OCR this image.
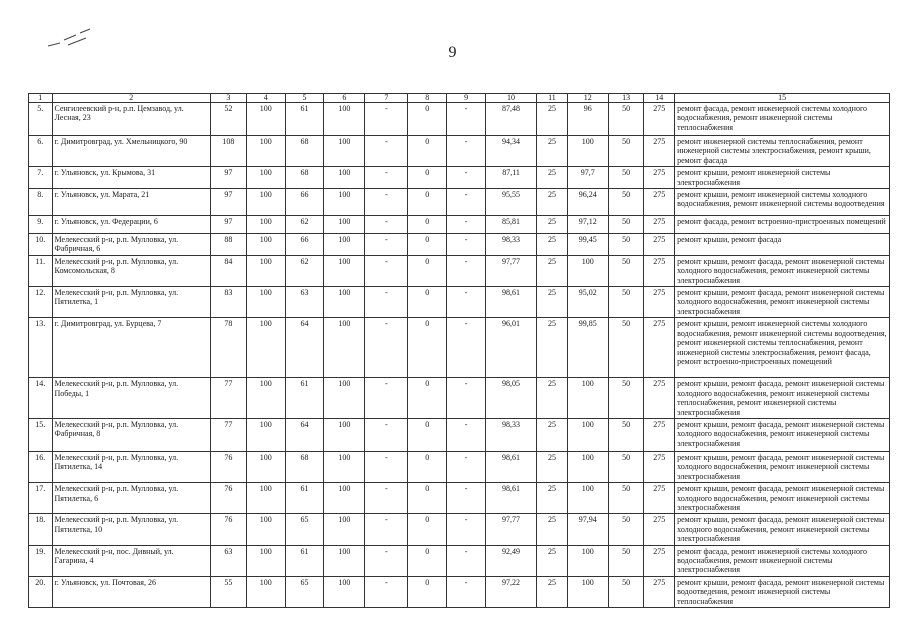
9
1	2	3	4	5	6	7	8	9	10	11	12	13	14	15
5.	Сенгилеевский р-н, р.п. Цемзавод, ул. Лесная, 23	52	100	61	100	-	0	-	87,48	25	96	50	275	ремонт фасада, ремонт инженерной системы холодного водоснабжения, ремонт инженерной системы теплоснабжения
6.	г. Димитровград, ул. Хмельницкого, 90	108	100	68	100	-	0	-	94,34	25	100	50	275	ремонт инженерной системы теплоснабжения, ремонт инженерной системы электроснабжения, ремонт крыши, ремонт фасада
7.	г. Ульяновск, ул. Крымова, 31	97	100	68	100	-	0	-	87,11	25	97,7	50	275	ремонт крыши, ремонт инженерной системы электроснабжения
8.	г. Ульяновск, ул. Марата, 21	97	100	66	100	-	0	-	95,55	25	96,24	50	275	ремонт крыши, ремонт инженерной системы холодного водоснабжения, ремонт инженерной системы водоотведения
9.	г. Ульяновск, ул. Федерации, 6	97	100	62	100	-	0	-	85,81	25	97,12	50	275	ремонт фасада, ремонт встроенно-пристроенных помещений
10.	Мелекесский р-н, р.п. Мулловка, ул. Фабричная, 6	88	100	66	100	-	0	-	98,33	25	99,45	50	275	ремонт крыши, ремонт фасада
11.	Мелекесский р-н, р.п. Мулловка, ул. Комсомольская, 8	84	100	62	100	-	0	-	97,77	25	100	50	275	ремонт крыши, ремонт фасада, ремонт инженерной системы холодного водоснабжения, ремонт инженерной системы электроснабжения
12.	Мелекесский р-н, р.п. Мулловка, ул. Пятилетка, 1	83	100	63	100	-	0	-	98,61	25	95,02	50	275	ремонт крыши, ремонт фасада, ремонт инженерной системы холодного водоснабжения, ремонт инженерной системы электроснабжения
13.	г. Димитровград, ул. Бурцева, 7	78	100	64	100	-	0	-	96,01	25	99,85	50	275	ремонт крыши, ремонт инженерной системы холодного водоснабжения, ремонт инженерной системы водоотведения, ремонт инженерной системы теплоснабжения, ремонт инженерной системы электроснабжения, ремонт фасада, ремонт встроенно-пристроенных помещений
14.	Мелекесский р-н, р.п. Мулловка, ул. Победы, 1	77	100	61	100	-	0	-	98,05	25	100	50	275	ремонт крыши, ремонт фасада, ремонт инженерной системы холодного водоснабжения, ремонт инженерной системы теплоснабжения, ремонт инженерной системы электроснабжения
15.	Мелекесский р-н, р.п. Мулловка, ул. Фабричная, 8	77	100	64	100	-	0	-	98,33	25	100	50	275	ремонт крыши, ремонт фасада, ремонт инженерной системы холодного водоснабжения, ремонт инженерной системы электроснабжения
16.	Мелекесский р-н, р.п. Мулловка, ул. Пятилетка, 14	76	100	68	100	-	0	-	98,61	25	100	50	275	ремонт крыши, ремонт фасада, ремонт инженерной системы холодного водоснабжения, ремонт инженерной системы электроснабжения
17.	Мелекесский р-н, р.п. Мулловка, ул. Пятилетка, 6	76	100	61	100	-	0	-	98,61	25	100	50	275	ремонт крыши, ремонт фасада, ремонт инженерной системы холодного водоснабжения, ремонт инженерной системы электроснабжения
18.	Мелекесский р-н, р.п. Мулловка, ул. Пятилетка, 10	76	100	65	100	-	0	-	97,77	25	97,94	50	275	ремонт крыши, ремонт фасада, ремонт инженерной системы холодного водоснабжения, ремонт инженерной системы электроснабжения
19.	Мелекесский р-н, пос. Дивный, ул. Гагарина, 4	63	100	61	100	-	0	-	92,49	25	100	50	275	ремонт фасада, ремонт инженерной системы холодного водоснабжения, ремонт инженерной системы электроснабжения
20.	г. Ульяновск, ул. Почтовая, 26	55	100	65	100	-	0	-	97,22	25	100	50	275	ремонт крыши, ремонт фасада, ремонт инженерной системы водоотведения, ремонт инженерной системы теплоснабжения
